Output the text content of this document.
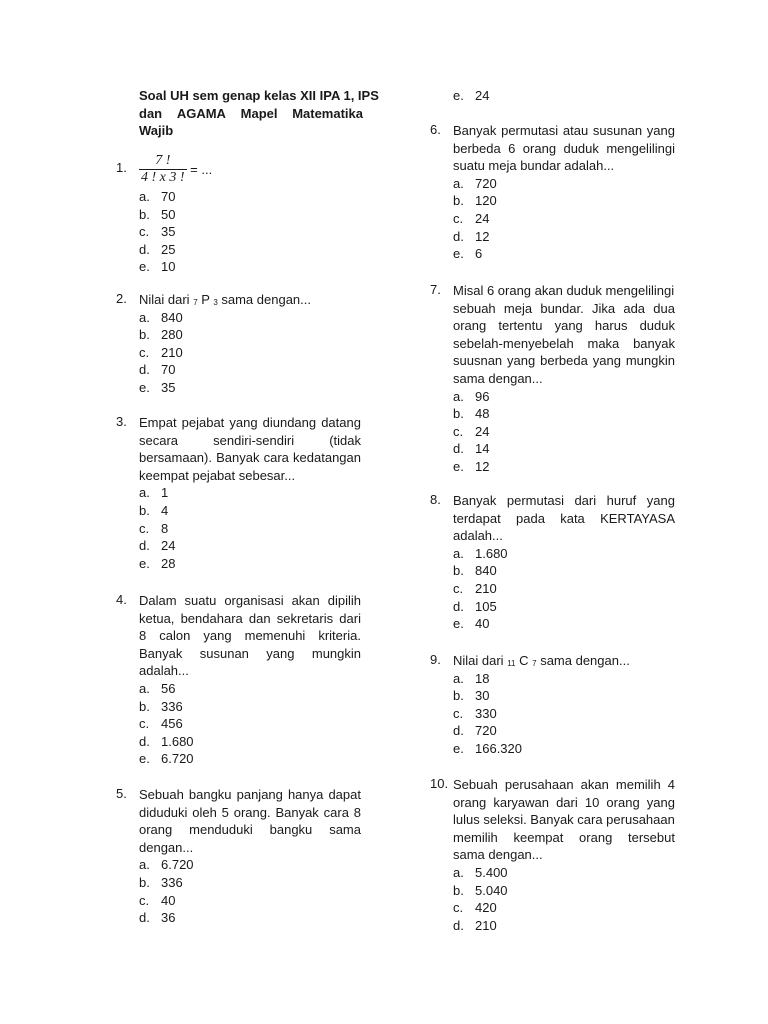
Soal UH sem genap kelas XII IPA 1, IPS
dan AGAMA Mapel Matematika
Wajib
1. $\frac{7 !}{4 ! x 3 !}$ = ...
a. 70
b. 50
c. 35
d. 25
e. 10
2. Nilai dari 7 P 3 sama dengan...
a. 840
b. 280
c. 210
d. 70
e. 35
3. Empat pejabat yang diundang datang
secara	sendiri-sendiri	(tidak
bersamaan). Banyak cara kedatangan
keempat pejabat sebesar...
a. 1
b. 4
c. 8
d. 24
e. 28
4. Dalam suatu organisasi akan dipilih
ketua, bendahara dan sekretaris dari
8 calon yang memenuhi kriteria.
Banyak susunan yang mungkin
adalah...
a. 56
b. 336
c. 456
d. 1.680
e. 6.720
5. Sebuah bangku panjang hanya dapat
diduduki oleh 5 orang. Banyak cara 8
orang menduduki bangku sama
dengan...
a. 6.720
b. 336
c. 40
d. 36
e. 24
6. Banyak permutasi atau susunan yang
berbeda 6 orang duduk mengelilingi
suatu meja bundar adalah...
a. 720
b. 120
c. 24
d. 12
e. 6
7. Misal 6 orang akan duduk mengelilingi
sebuah meja bundar. Jika ada dua
orang tertentu yang harus duduk
sebelah-menyebelah maka banyak
suusnan yang berbeda yang mungkin
sama dengan...
a. 96
b. 48
c. 24
d. 14
e. 12
8. Banyak permutasi dari huruf yang
terdapat pada kata KERTAYASA
adalah...
a. 1.680
b. 840
c. 210
d. 105
e. 40
9. Nilai dari 11 C 7 sama dengan...
a. 18
b. 30
c. 330
d. 720
e. 166.320
10. Sebuah perusahaan akan memilih 4
orang karyawan dari 10 orang yang
lulus seleksi. Banyak cara perusahaan
memilih keempat orang tersebut
sama dengan...
a. 5.400
b. 5.040
c. 420
d. 210
